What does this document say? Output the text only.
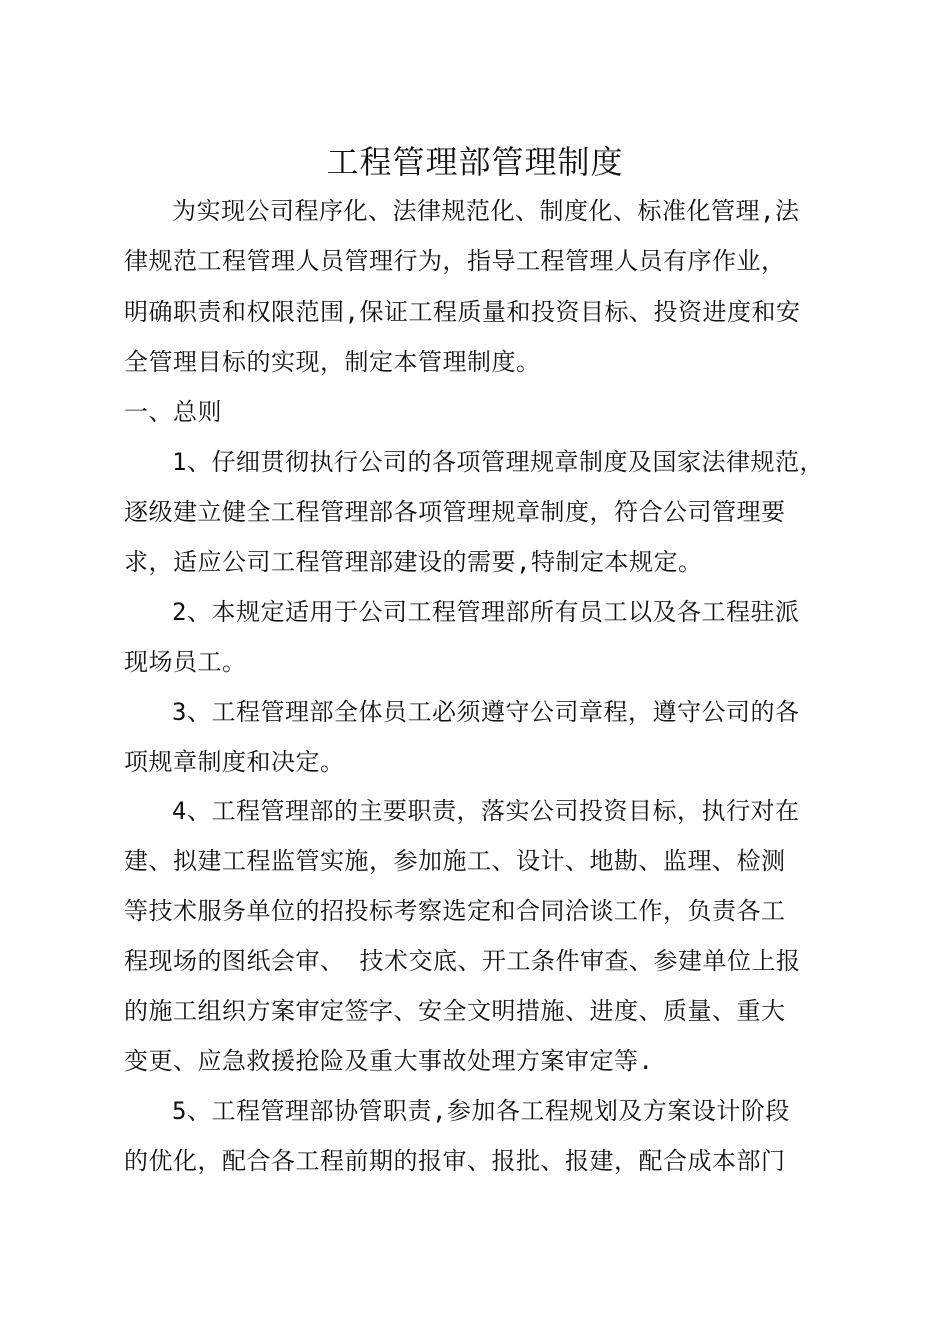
工程管理部管理制度
为实现公司程序化、法律规范化、制度化、标准化管理,法
律规范工程管理人员管理行为，指导工程管理人员有序作业，
明确职责和权限范围,保证工程质量和投资目标、投资进度和安
全管理目标的实现，制定本管理制度。
一、总则
1、仔细贯彻执行公司的各项管理规章制度及国家法律规范，
逐级建立健全工程管理部各项管理规章制度，符合公司管理要
求，适应公司工程管理部建设的需要,特制定本规定。
2、本规定适用于公司工程管理部所有员工以及各工程驻派
现场员工。
3、工程管理部全体员工必须遵守公司章程，遵守公司的各
项规章制度和决定。
4、工程管理部的主要职责，落实公司投资目标，执行对在
建、拟建工程监管实施，参加施工、设计、地勘、监理、检测
等技术服务单位的招投标考察选定和合同洽谈工作，负责各工
程现场的图纸会审、 技术交底、开工条件审查、参建单位上报
的施工组织方案审定签字、安全文明措施、进度、质量、重大
变更、应急救援抢险及重大事故处理方案审定等.
5、工程管理部协管职责,参加各工程规划及方案设计阶段
的优化，配合各工程前期的报审、报批、报建，配合成本部门
